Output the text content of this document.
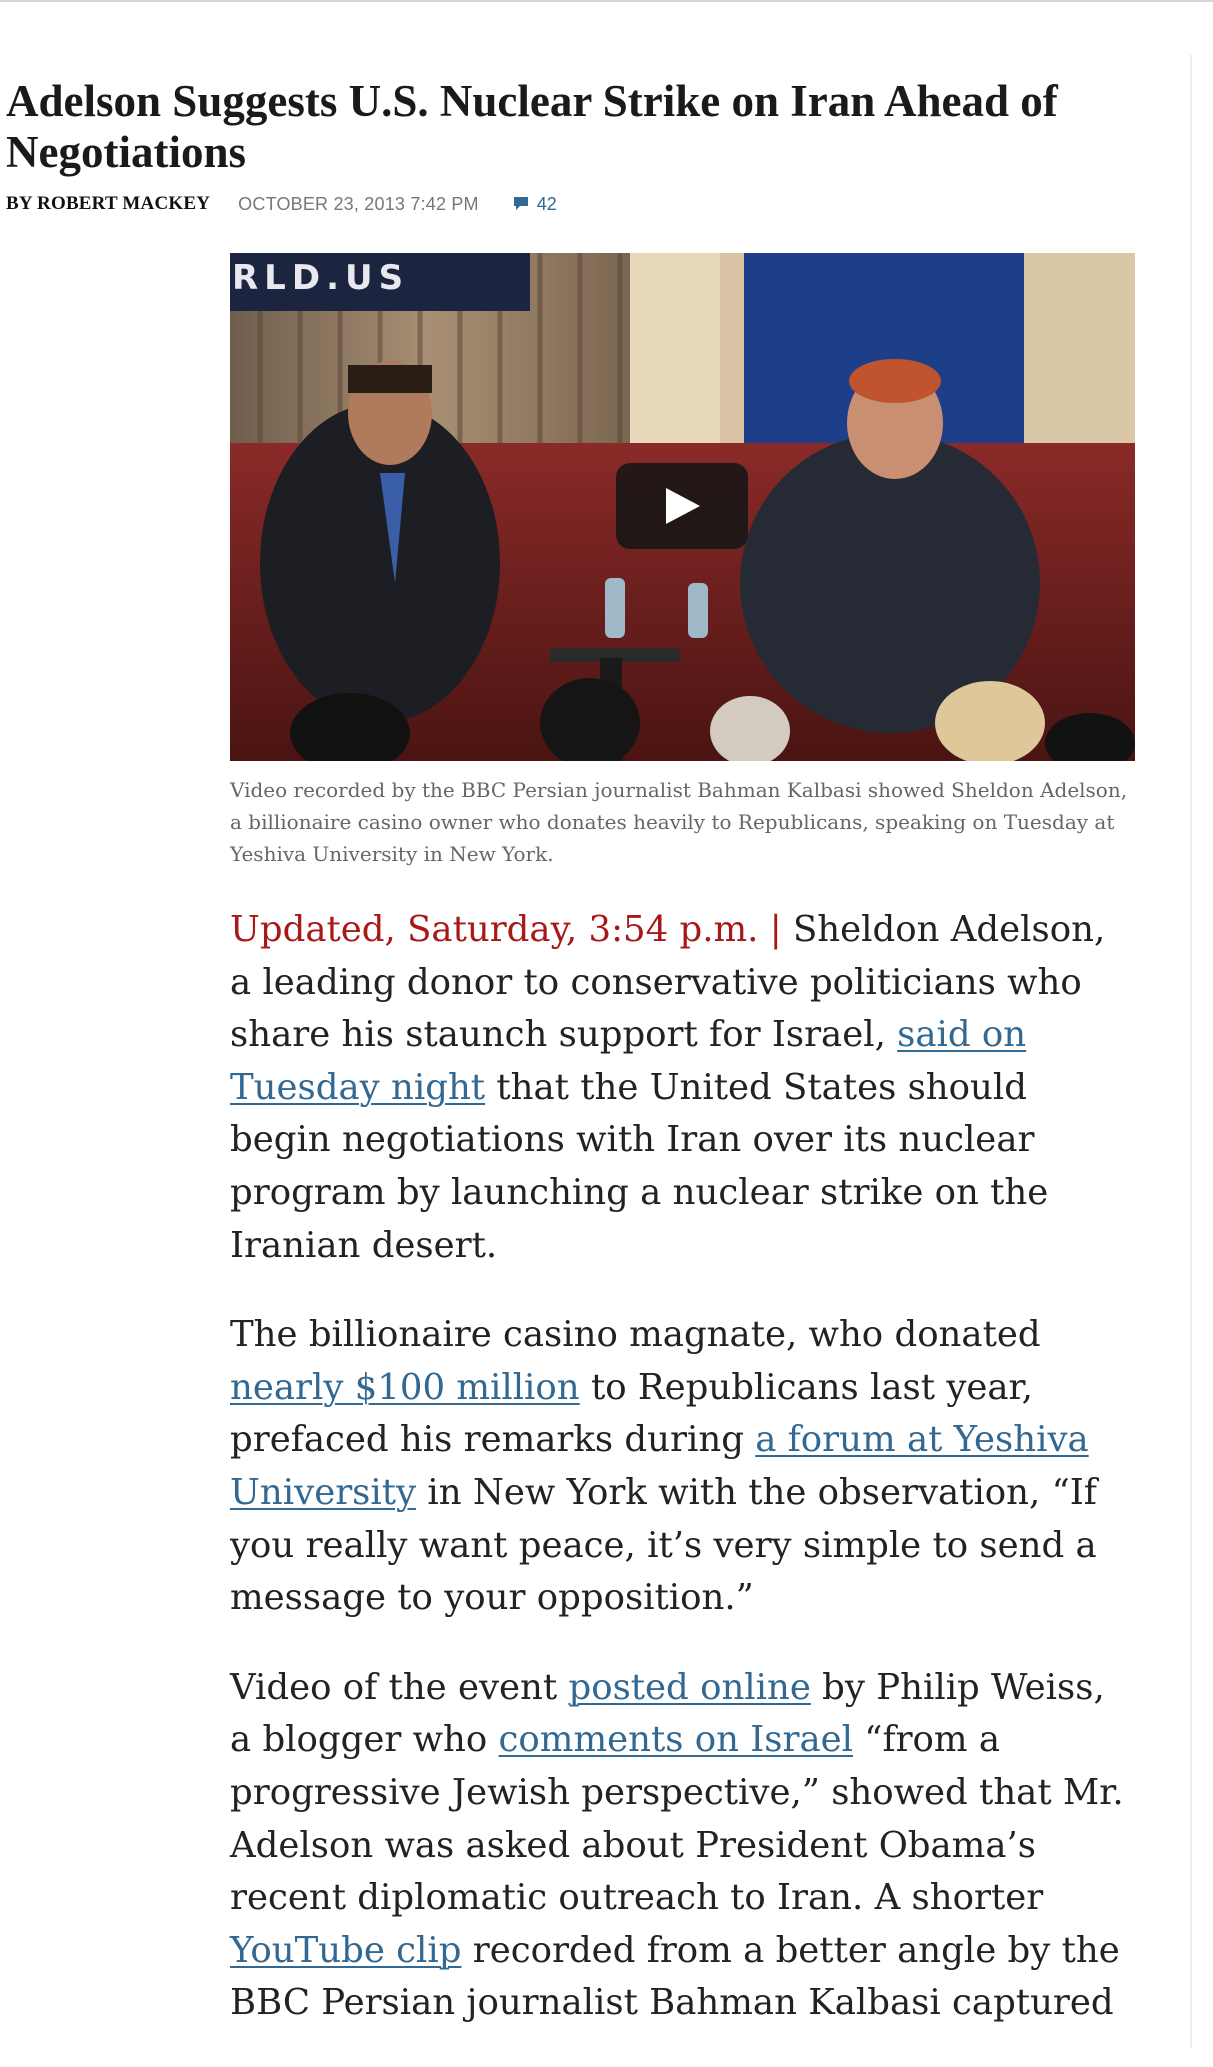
Adelson Suggests U.S. Nuclear Strike on Iran Ahead of Negotiations
BY ROBERT MACKEY OCTOBER 23, 2013 7:42 PM	42
RLD.US

Video recorded by the BBC Persian journalist Bahman Kalbasi showed Sheldon Adelson, a billionaire casino owner who donates heavily to Republicans, speaking on Tuesday at Yeshiva University in New York.

Updated, Saturday, 3:54 p.m. | Sheldon Adelson, a leading donor to conservative politicians who share his staunch support for Israel, said on Tuesday night that the United States should begin negotiations with Iran over its nuclear program by launching a nuclear strike on the Iranian desert.

The billionaire casino magnate, who donated nearly $100 million to Republicans last year, prefaced his remarks during a forum at Yeshiva University in New York with the observation, “If you really want peace, it’s very simple to send a message to your opposition.”

Video of the event posted online by Philip Weiss, a blogger who comments on Israel “from a progressive Jewish perspective,” showed that Mr. Adelson was asked about President Obama’s recent diplomatic outreach to Iran. A shorter YouTube clip recorded from a better angle by the BBC Persian journalist Bahman Kalbasi captured
